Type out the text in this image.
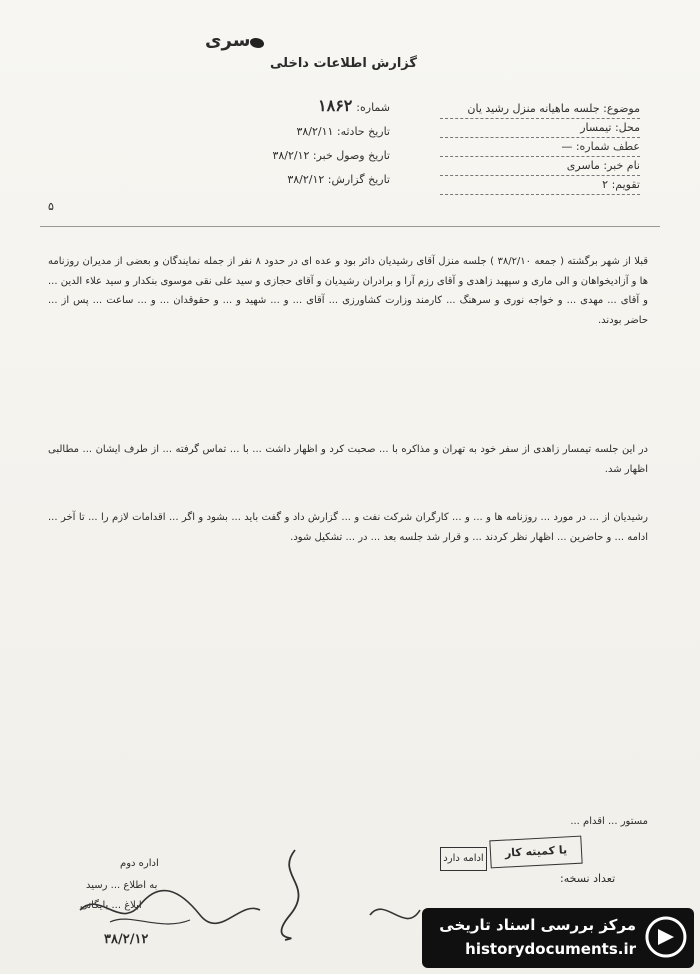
سری
گزارش اطلاعات داخلی
۱۸۶۲	موضوع: جلسه ماهیانه منزل رشید یان
محل: تیمسار
عطف شماره: —
نام خبر: ماسری
تقویم: ۲
شماره:
تاریخ حادثه: ۳۸/۲/۱۱
تاریخ وصول خبر: ۳۸/۲/۱۲
تاریخ گزارش: ۳۸/۲/۱۲
۵
قبلا از شهر برگشته ( جمعه ۳۸/۲/۱۰ ) جلسه منزل آقای رشیدیان دائر بود و عده ای در حدود ۸ نفر از جمله نمایندگان و بعضی از مدیران روزنامه ها و آزادیخواهان و الی ماری و سپهبد زاهدی و آقای رزم آرا و برادران رشیدیان و آقای حجازی و سید علی نقی موسوی بنکدار و سید علاء الدین ... و آقای ... مهدی ... و خواجه نوری و سرهنگ ... کارمند وزارت کشاورزی ... آقای ... و ... شهید و ... و حقوقدان ... و ... ساعت ... پس از ... حاضر بودند.
در این جلسه تیمسار زاهدی از سفر خود به تهران و مذاکره با ... صحبت کرد و اظهار داشت ... با ... تماس گرفته ... از طرف ایشان ... مطالبی اظهار شد.
رشیدیان از ... در مورد ... روزنامه ها و ... و ... کارگران شرکت نفت و ... گزارش داد و گفت باید ... بشود و اگر ... اقدامات لازم را ... تا آخر ... ادامه ... و حاضرین ... اظهار نظر کردند ... و قرار شد جلسه بعد ... در ... تشکیل شود.
مستور ... اقدام ...
یا کمیته کار
ادامه دارد
تعداد نسخه:
اداره دوم
به اطلاع ... رسید
ابلاغ ... بایگانی
۳۸/۲/۱۲
مرکز بررسی اسناد تاریخی
historydocuments.ir
